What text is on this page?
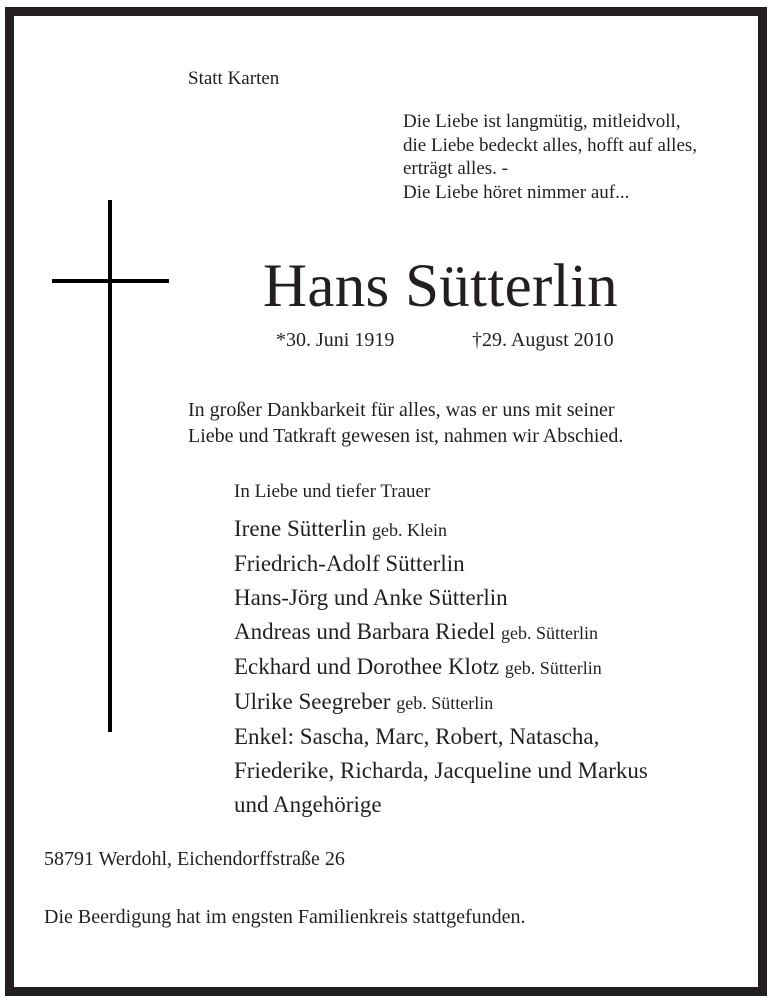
Statt Karten
Die Liebe ist langmütig, mitleidvoll,
die Liebe bedeckt alles, hofft auf alles,
erträgt alles. -
Die Liebe höret nimmer auf...
Hans Sütterlin
*30. Juni 1919	†29. August 2010
In großer Dankbarkeit für alles, was er uns mit seiner
Liebe und Tatkraft gewesen ist, nahmen wir Abschied.
In Liebe und tiefer Trauer
Irene Sütterlin geb. Klein
Friedrich-Adolf Sütterlin
Hans-Jörg und Anke Sütterlin
Andreas und Barbara Riedel geb. Sütterlin
Eckhard und Dorothee Klotz geb. Sütterlin
Ulrike Seegreber geb. Sütterlin
Enkel: Sascha, Marc, Robert, Natascha,
Friederike, Richarda, Jacqueline und Markus
und Angehörige
58791 Werdohl, Eichendorffstraße 26
Die Beerdigung hat im engsten Familienkreis stattgefunden.
